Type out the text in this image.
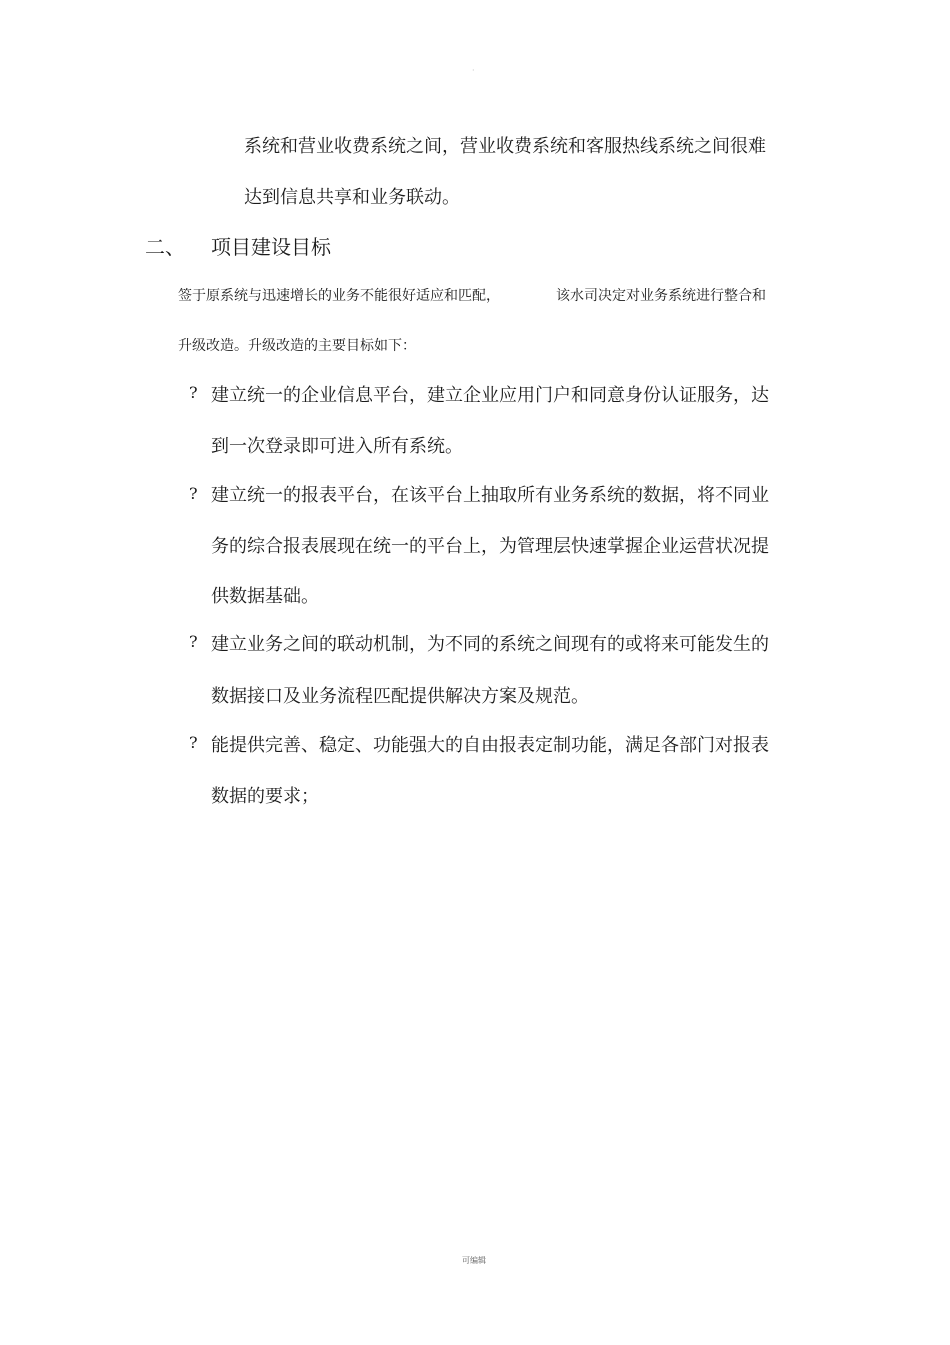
·
系统和营业收费系统之间，营业收费系统和客服热线系统之间很难
达到信息共享和业务联动。
二、 项目建设目标
签于原系统与迅速增长的业务不能很好适应和匹配，	该水司决定对业务系统进行整合和
升级改造。升级改造的主要目标如下：
? 建立统一的企业信息平台，建立企业应用门户和同意身份认证服务，达
到一次登录即可进入所有系统。
? 建立统一的报表平台，在该平台上抽取所有业务系统的数据，将不同业
务的综合报表展现在统一的平台上，为管理层快速掌握企业运营状况提
供数据基础。
? 建立业务之间的联动机制，为不同的系统之间现有的或将来可能发生的
数据接口及业务流程匹配提供解决方案及规范。
? 能提供完善、稳定、功能强大的自由报表定制功能，满足各部门对报表
数据的要求；
可编辑
